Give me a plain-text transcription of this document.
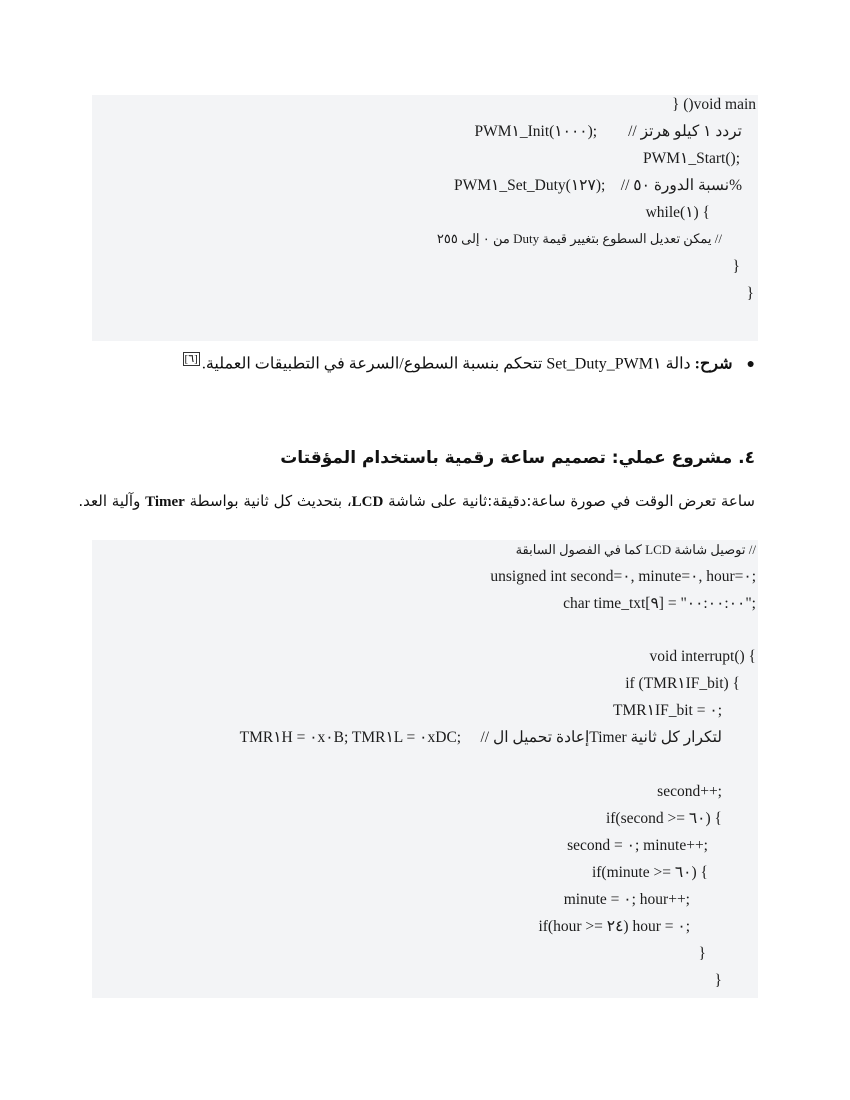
} ()void main
PWM١_Init(١٠٠٠);        // تردد ١ كيلو هرتز
PWM١_Start();
PWM١_Set_Duty(١٢٧);    // نسبة الدورة ٥٠%
while(١) {
// يمكن تعديل السطوع بتغيير قيمة Duty من ٠ إلى ٢٥٥
}
}
●شرح: دالة PWM١_Set_Duty تتحكم بنسبة السطوع/السرعة في التطبيقات العملية.[٦]
٤. مشروع عملي: تصميم ساعة رقمية باستخدام المؤقتات
ساعة تعرض الوقت في صورة ساعة:دقيقة:ثانية على شاشة LCD، بتحديث كل ثانية بواسطة Timer وآلية العد.
// توصيل شاشة LCD كما في الفصول السابقة
unsigned int second=٠, minute=٠, hour=٠;
char time_txt[٩] = "٠٠:٠٠:٠٠";
void interrupt() {
if (TMR١IF_bit) {
TMR١IF_bit = ٠;
TMR١H = ٠x٠B; TMR١L = ٠xDC;     // إعادة تحميل الTimer لتكرار كل ثانية
second++;
if(second >= ٦٠) {
second = ٠; minute++;
if(minute >= ٦٠) {
minute = ٠; hour++;
if(hour >= ٢٤) hour = ٠;
}
}
